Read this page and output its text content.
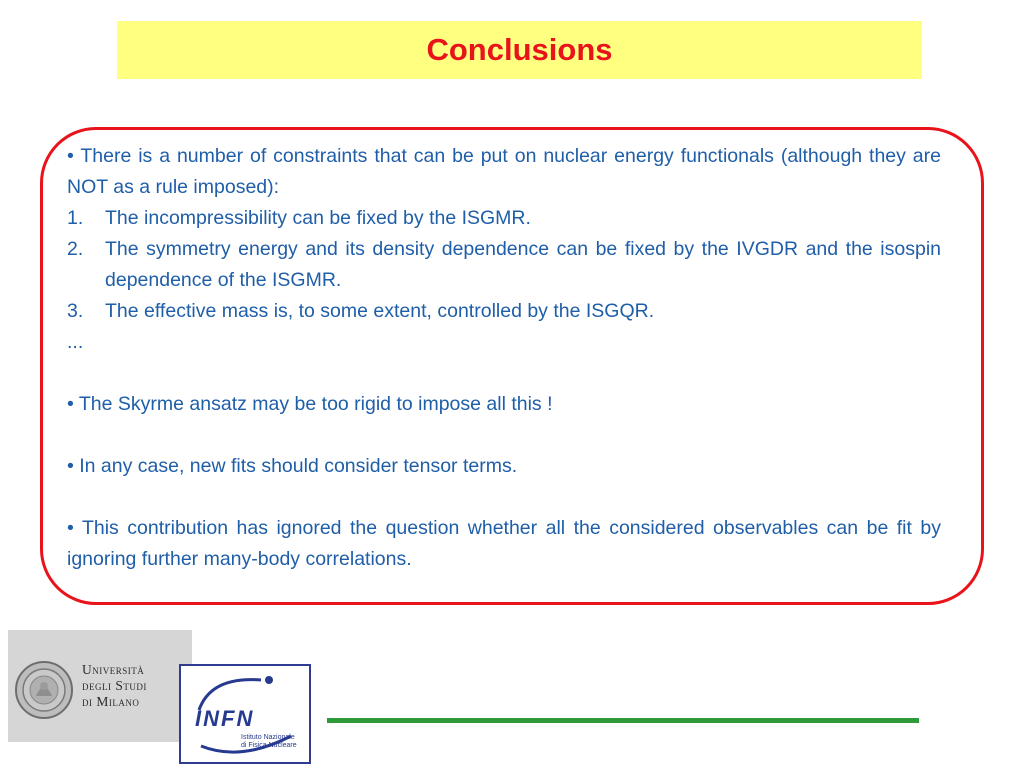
Conclusions

• There is a number of constraints that can be put on nuclear energy functionals (although they are NOT as a rule imposed):

1.	The incompressibility can be fixed by the ISGMR.
2.	The symmetry energy and its density dependence can be fixed by the IVGDR and the isospin dependence of the ISGMR.
3.	The effective mass is, to some extent, controlled by the ISGQR.

...

• The Skyrme ansatz may be too rigid to impose all this !

• In any case, new fits should consider tensor terms.

• This contribution has ignored the question whether all the considered observables can be fit by ignoring further many-body correlations.

Università
degli Studi
di Milano
INFN
Istituto Nazionale
di Fisica Nucleare
